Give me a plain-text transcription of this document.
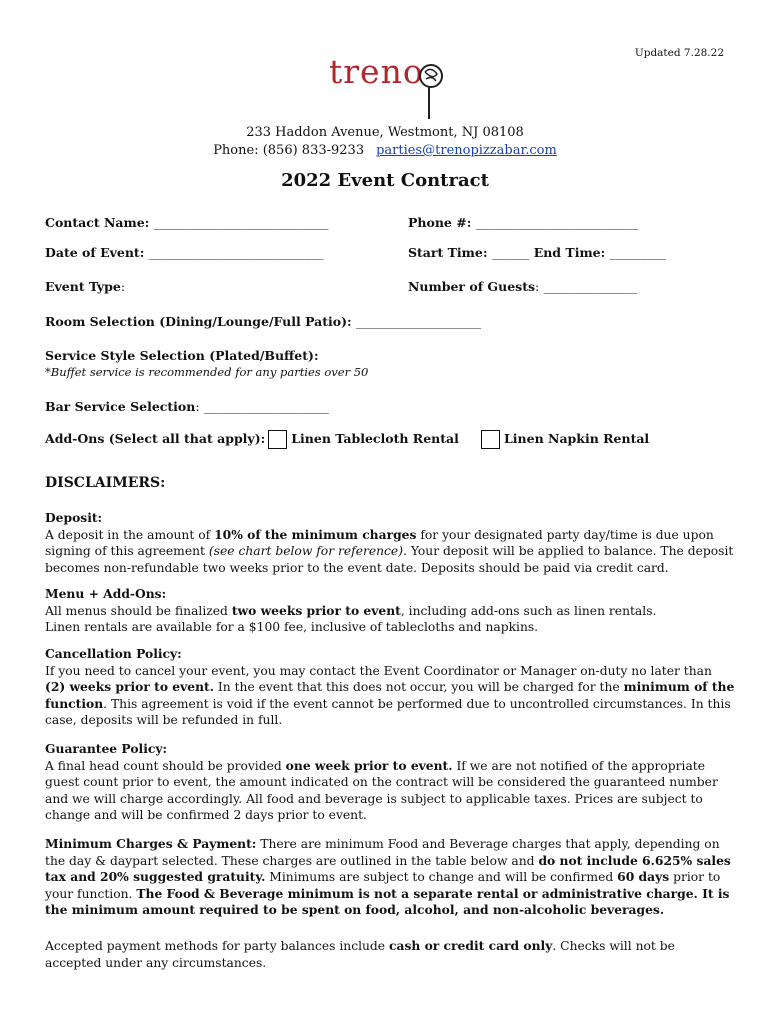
Updated 7.28.22
treno
233 Haddon Avenue, Westmont, NJ 08108
Phone: (856) 833-9233 parties@trenopizzabar.com
2022 Event Contract
Contact Name: ____________________________	Phone #: __________________________
Date of Event: ____________________________	Start Time: ______ End Time: _________
Event Type:	Number of Guests: _______________
Room Selection (Dining/Lounge/Full Patio): ____________________
Service Style Selection (Plated/Buffet):
*Buffet service is recommended for any parties over 50
Bar Service Selection: ____________________
Add-Ons (Select all that apply): Linen Tablecloth Rental	Linen Napkin Rental
DISCLAIMERS:

Deposit:

A deposit in the amount of 10% of the minimum charges for your designated party day/time is due upon signing of this agreement (see chart below for reference). Your deposit will be applied to balance. The deposit becomes non-refundable two weeks prior to the event date. Deposits should be paid via credit card.

Menu + Add-Ons:

All menus should be finalized two weeks prior to event, including add-ons such as linen rentals.

Linen rentals are available for a $100 fee, inclusive of tablecloths and napkins.

Cancellation Policy:

If you need to cancel your event, you may contact the Event Coordinator or Manager on-duty no later than (2) weeks prior to event. In the event that this does not occur, you will be charged for the minimum of the function. This agreement is void if the event cannot be performed due to uncontrolled circumstances. In this case, deposits will be refunded in full.

Guarantee Policy:

A final head count should be provided one week prior to event. If we are not notified of the appropriate guest count prior to event, the amount indicated on the contract will be considered the guaranteed number and we will charge accordingly. All food and beverage is subject to applicable taxes. Prices are subject to change and will be confirmed 2 days prior to event.

Minimum Charges & Payment: There are minimum Food and Beverage charges that apply, depending on the day & daypart selected. These charges are outlined in the table below and do not include 6.625% sales tax and 20% suggested gratuity. Minimums are subject to change and will be confirmed 60 days prior to your function. The Food & Beverage minimum is not a separate rental or administrative charge. It is the minimum amount required to be spent on food, alcohol, and non-alcoholic beverages.

Accepted payment methods for party balances include cash or credit card only. Checks will not be accepted under any circumstances.
